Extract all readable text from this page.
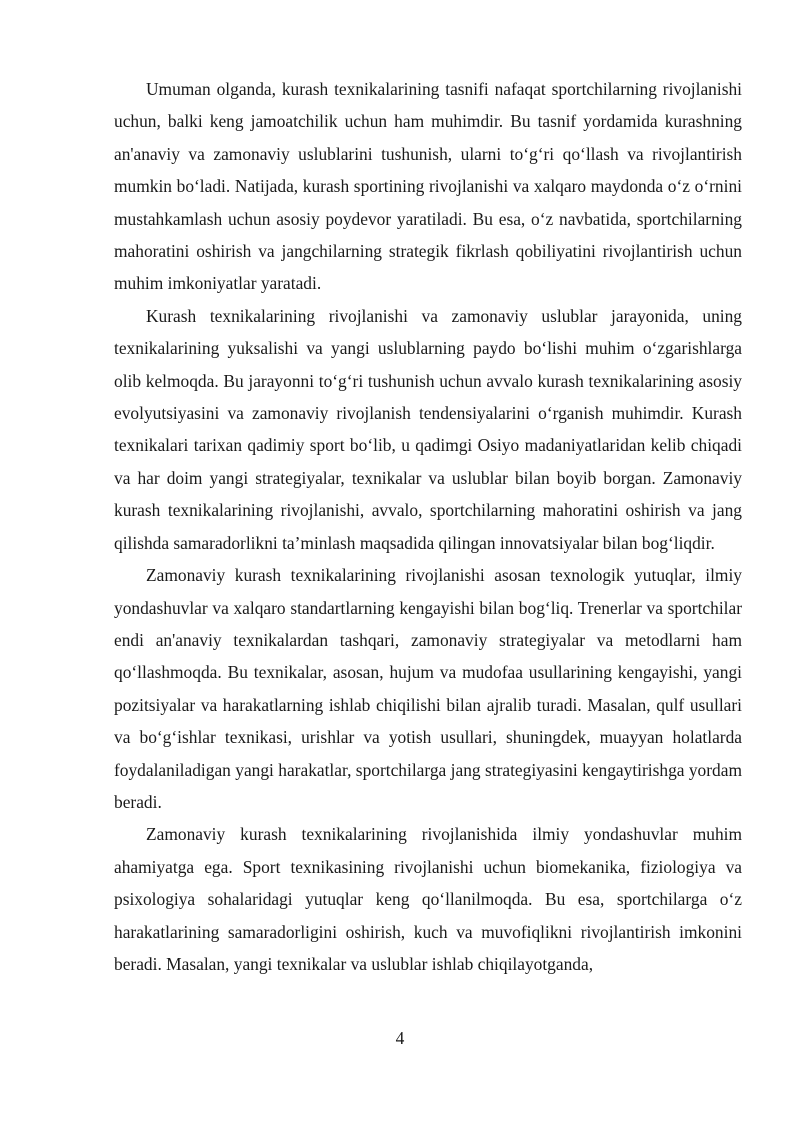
Umuman olganda, kurash texnikalarining tasnifi nafaqat sportchilarning rivojlanishi uchun, balki keng jamoatchilik uchun ham muhimdir. Bu tasnif yordamida kurashning an'anaviy va zamonaviy uslublarini tushunish, ularni to‘g‘ri qo‘llash va rivojlantirish mumkin bo‘ladi. Natijada, kurash sportining rivojlanishi va xalqaro maydonda o‘z o‘rnini mustahkamlash uchun asosiy poydevor yaratiladi. Bu esa, o‘z navbatida, sportchilarning mahoratini oshirish va jangchilarning strategik fikrlash qobiliyatini rivojlantirish uchun muhim imkoniyatlar yaratadi.

Kurash texnikalarining rivojlanishi va zamonaviy uslublar jarayonida, uning texnikalarining yuksalishi va yangi uslublarning paydo bo‘lishi muhim o‘zgarishlarga olib kelmoqda. Bu jarayonni to‘g‘ri tushunish uchun avvalo kurash texnikalarining asosiy evolyutsiyasini va zamonaviy rivojlanish tendensiyalarini o‘rganish muhimdir. Kurash texnikalari tarixan qadimiy sport bo‘lib, u qadimgi Osiyo madaniyatlaridan kelib chiqadi va har doim yangi strategiyalar, texnikalar va uslublar bilan boyib borgan. Zamonaviy kurash texnikalarining rivojlanishi, avvalo, sportchilarning mahoratini oshirish va jang qilishda samaradorlikni ta’minlash maqsadida qilingan innovatsiyalar bilan bog‘liqdir.

Zamonaviy kurash texnikalarining rivojlanishi asosan texnologik yutuqlar, ilmiy yondashuvlar va xalqaro standartlarning kengayishi bilan bog‘liq. Trenerlar va sportchilar endi an'anaviy texnikalardan tashqari, zamonaviy strategiyalar va metodlarni ham qo‘llashmoqda. Bu texnikalar, asosan, hujum va mudofaa usullarining kengayishi, yangi pozitsiyalar va harakatlarning ishlab chiqilishi bilan ajralib turadi. Masalan, qulf usullari va bo‘g‘ishlar texnikasi, urishlar va yotish usullari, shuningdek, muayyan holatlarda foydalaniladigan yangi harakatlar, sportchilarga jang strategiyasini kengaytirishga yordam beradi.

Zamonaviy kurash texnikalarining rivojlanishida ilmiy yondashuvlar muhim ahamiyatga ega. Sport texnikasining rivojlanishi uchun biomekanika, fiziologiya va psixologiya sohalaridagi yutuqlar keng qo‘llanilmoqda. Bu esa, sportchilarga o‘z harakatlarining samaradorligini oshirish, kuch va muvofiqlikni rivojlantirish imkonini beradi. Masalan, yangi texnikalar va uslublar ishlab chiqilayotganda,

4
